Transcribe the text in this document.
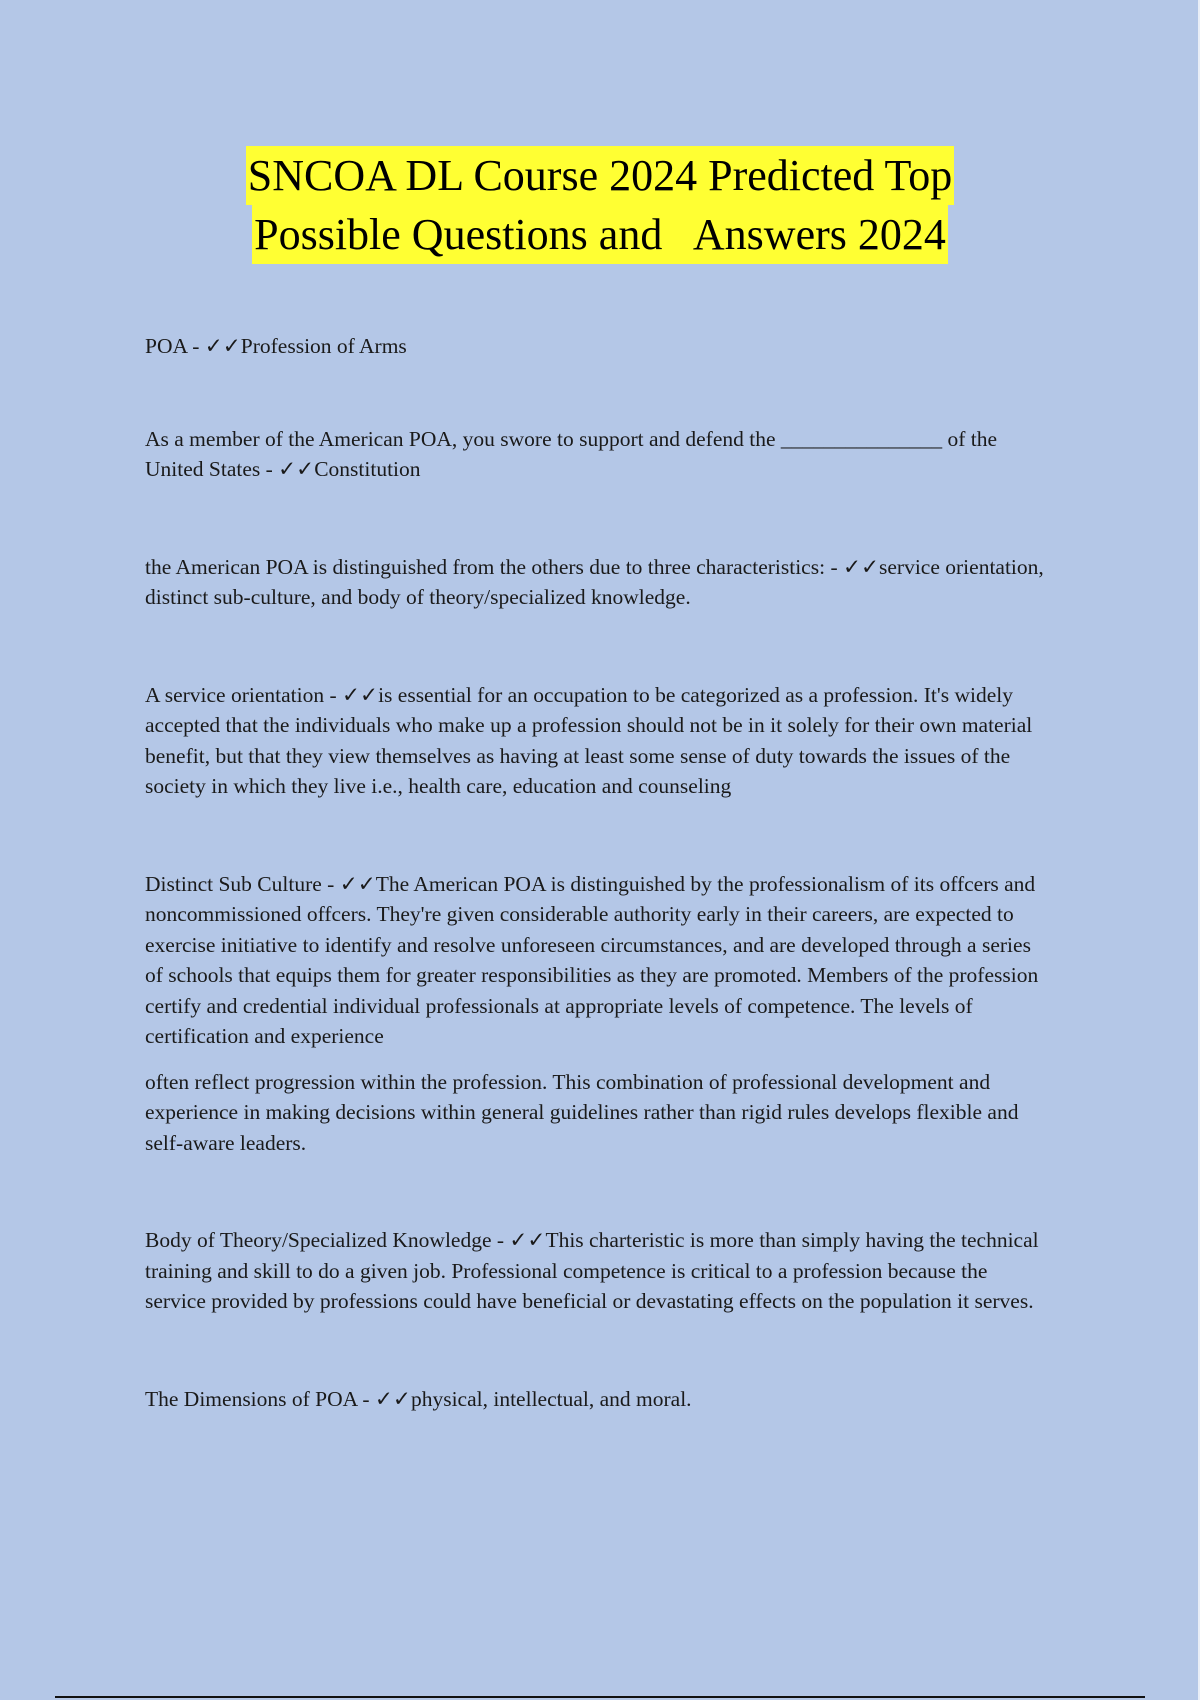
SNCOA DL Course 2024 Predicted Top
Possible Questions and   Answers 2024

POA - ✓✓Profession of Arms

As a member of the American POA, you swore to support and defend the _______________ of the United States - ✓✓Constitution

the American POA is distinguished from the others due to three characteristics: - ✓✓service orientation, distinct sub-culture, and body of theory/specialized knowledge.

A service orientation - ✓✓is essential for an occupation to be categorized as a profession. It's widely accepted that the individuals who make up a profession should not be in it solely for their own material benefit, but that they view themselves as having at least some sense of duty towards the issues of the society in which they live i.e., health care, education and counseling

Distinct Sub Culture - ✓✓The American POA is distinguished by the professionalism of its offcers and noncommissioned offcers. They're given considerable authority early in their careers, are expected to exercise initiative to identify and resolve unforeseen circumstances, and are developed through a series of schools that equips them for greater responsibilities as they are promoted. Members of the profession certify and credential individual professionals at appropriate levels of competence. The levels of certification and experience

often reflect progression within the profession. This combination of professional development and experience in making decisions within general guidelines rather than rigid rules develops flexible and self-aware leaders.

Body of Theory/Specialized Knowledge - ✓✓This charteristic is more than simply having the technical training and skill to do a given job. Professional competence is critical to a profession because the service provided by professions could have beneficial or devastating effects on the population it serves.

The Dimensions of POA - ✓✓physical, intellectual, and moral.
